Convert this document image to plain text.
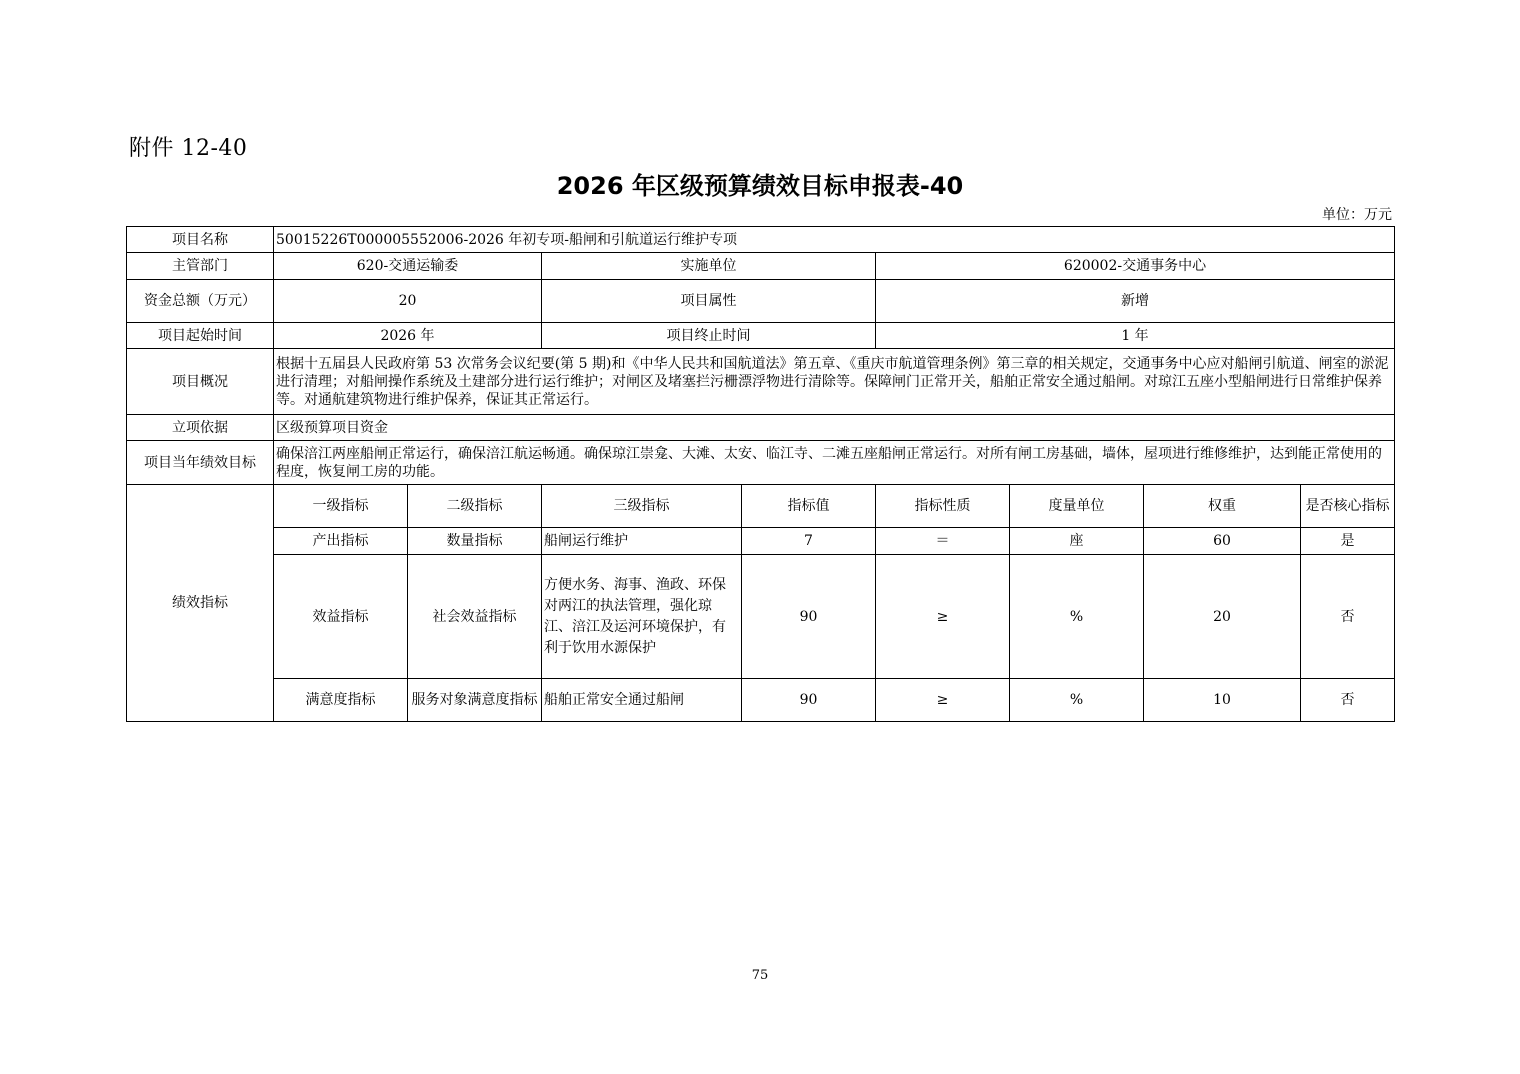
附件 12-40
2026 年区级预算绩效目标申报表-40
单位：万元
项目名称	50015226T000005552006-2026 年初专项-船闸和引航道运行维护专项							
主管部门	620-交通运输委		实施单位		620002-交通事务中心			
资金总额（万元）	20		项目属性		新增			
项目起始时间	2026 年		项目终止时间		1 年			
项目概况	根据十五届县人民政府第 53 次常务会议纪要(第 5 期)和《中华人民共和国航道法》第五章、《重庆市航道管理条例》第三章的相关规定，交通事务中心应对船闸引航道、闸室的淤泥进行清理；对船闸操作系统及土建部分进行运行维护；对闸区及堵塞拦污栅漂浮物进行清除等。保障闸门正常开关，船舶正常安全通过船闸。对琼江五座小型船闸进行日常维护保养等。对通航建筑物进行维护保养，保证其正常运行。							
立项依据	区级预算项目资金							
项目当年绩效目标	确保涪江两座船闸正常运行，确保涪江航运畅通。确保琼江崇龛、大滩、太安、临江寺、二滩五座船闸正常运行。对所有闸工房基础，墙体，屋项进行维修维护，达到能正常使用的程度，恢复闸工房的功能。							
绩效指标	一级指标	二级指标	三级指标	指标值	指标性质	度量单位	权重	是否核心指标
	产出指标	数量指标	船闸运行维护	7	＝	座	60	是
	效益指标	社会效益指标	方便水务、海事、渔政、环保对两江的执法管理，强化琼江、涪江及运河环境保护，有利于饮用水源保护	90	≥	%	20	否
	满意度指标	服务对象满意度指标	船舶正常安全通过船闸	90	≥	%	10	否
75
